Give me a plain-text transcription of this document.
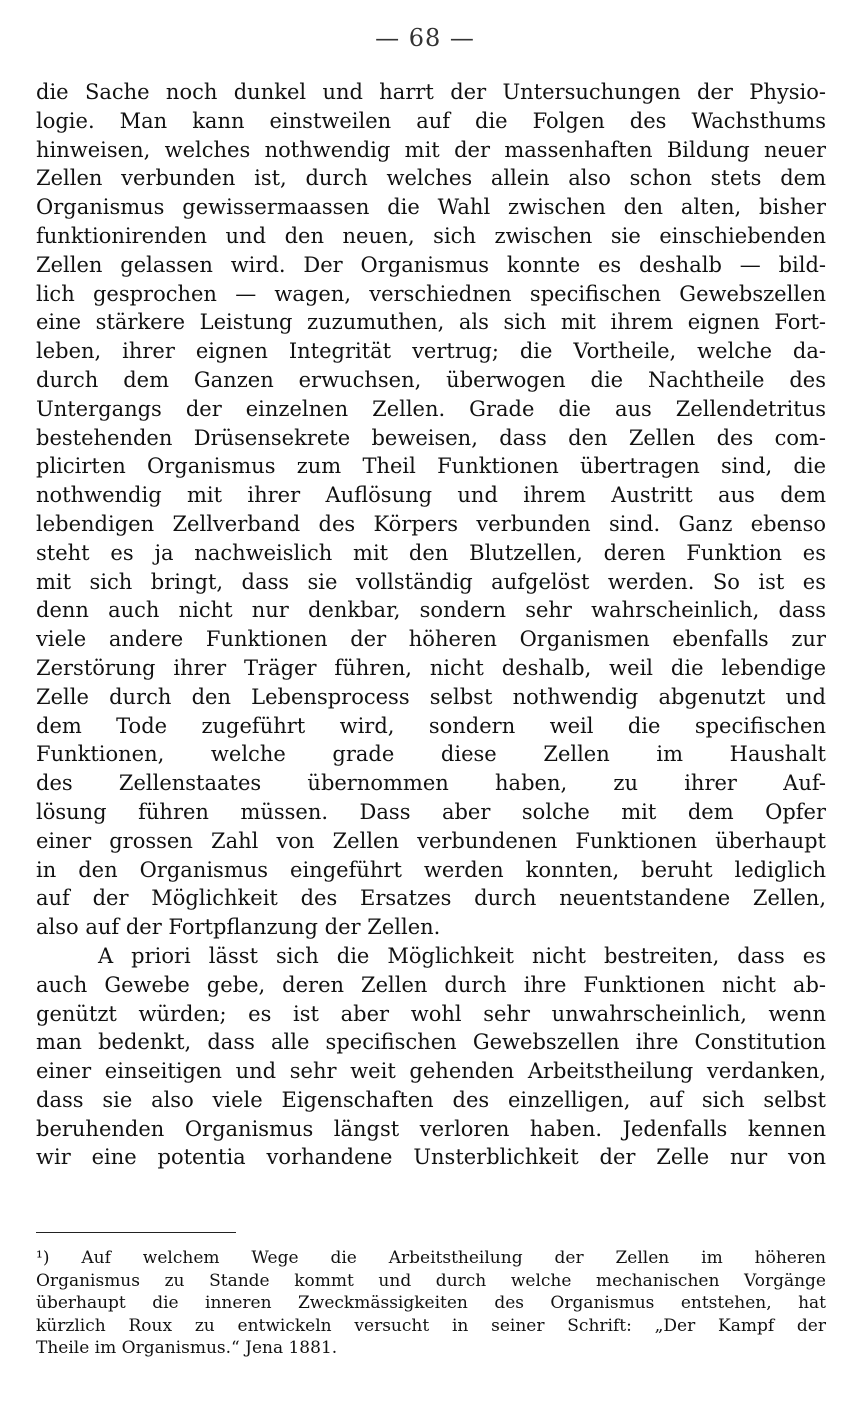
— 68 —
die Sache noch dunkel und harrt der Untersuchungen der Physio-
logie. Man kann einstweilen auf die Folgen des Wachsthums
hinweisen, welches nothwendig mit der massenhaften Bildung neuer
Zellen verbunden ist, durch welches allein also schon stets dem
Organismus gewissermaassen die Wahl zwischen den alten, bisher
funktionirenden und den neuen, sich zwischen sie einschiebenden
Zellen gelassen wird. Der Organismus konnte es deshalb — bild-
lich gesprochen — wagen, verschiednen specifischen Gewebszellen
eine stärkere Leistung zuzumuthen, als sich mit ihrem eignen Fort-
leben, ihrer eignen Integrität vertrug; die Vortheile, welche da-
durch dem Ganzen erwuchsen, überwogen die Nachtheile des
Untergangs der einzelnen Zellen. Grade die aus Zellendetritus
bestehenden Drüsensekrete beweisen, dass den Zellen des com-
plicirten Organismus zum Theil Funktionen übertragen sind, die
nothwendig mit ihrer Auflösung und ihrem Austritt aus dem
lebendigen Zellverband des Körpers verbunden sind. Ganz ebenso
steht es ja nachweislich mit den Blutzellen, deren Funktion es
mit sich bringt, dass sie vollständig aufgelöst werden. So ist es
denn auch nicht nur denkbar, sondern sehr wahrscheinlich, dass
viele andere Funktionen der höheren Organismen ebenfalls zur
Zerstörung ihrer Träger führen, nicht deshalb, weil die lebendige
Zelle durch den Lebensprocess selbst nothwendig abgenutzt und
dem Tode zugeführt wird, sondern weil die specifischen
Funktionen, welche grade diese Zellen im Haushalt
des Zellenstaates übernommen haben, zu ihrer Auf-
lösung führen müssen. Dass aber solche mit dem Opfer
einer grossen Zahl von Zellen verbundenen Funktionen überhaupt
in den Organismus eingeführt werden konnten, beruht lediglich
auf der Möglichkeit des Ersatzes durch neuentstandene Zellen,
also auf der Fortpflanzung der Zellen.
A priori lässt sich die Möglichkeit nicht bestreiten, dass es
auch Gewebe gebe, deren Zellen durch ihre Funktionen nicht ab-
genützt würden; es ist aber wohl sehr unwahrscheinlich, wenn
man bedenkt, dass alle specifischen Gewebszellen ihre Constitution
einer einseitigen und sehr weit gehenden Arbeitstheilung verdanken,
dass sie also viele Eigenschaften des einzelligen, auf sich selbst
beruhenden Organismus längst verloren haben. Jedenfalls kennen
wir eine potentia vorhandene Unsterblichkeit der Zelle nur von
¹) Auf welchem Wege die Arbeitstheilung der Zellen im höheren
Organismus zu Stande kommt und durch welche mechanischen Vorgänge
überhaupt die inneren Zweckmässigkeiten des Organismus entstehen, hat
kürzlich Roux zu entwickeln versucht in seiner Schrift: „Der Kampf der
Theile im Organismus.“ Jena 1881.
